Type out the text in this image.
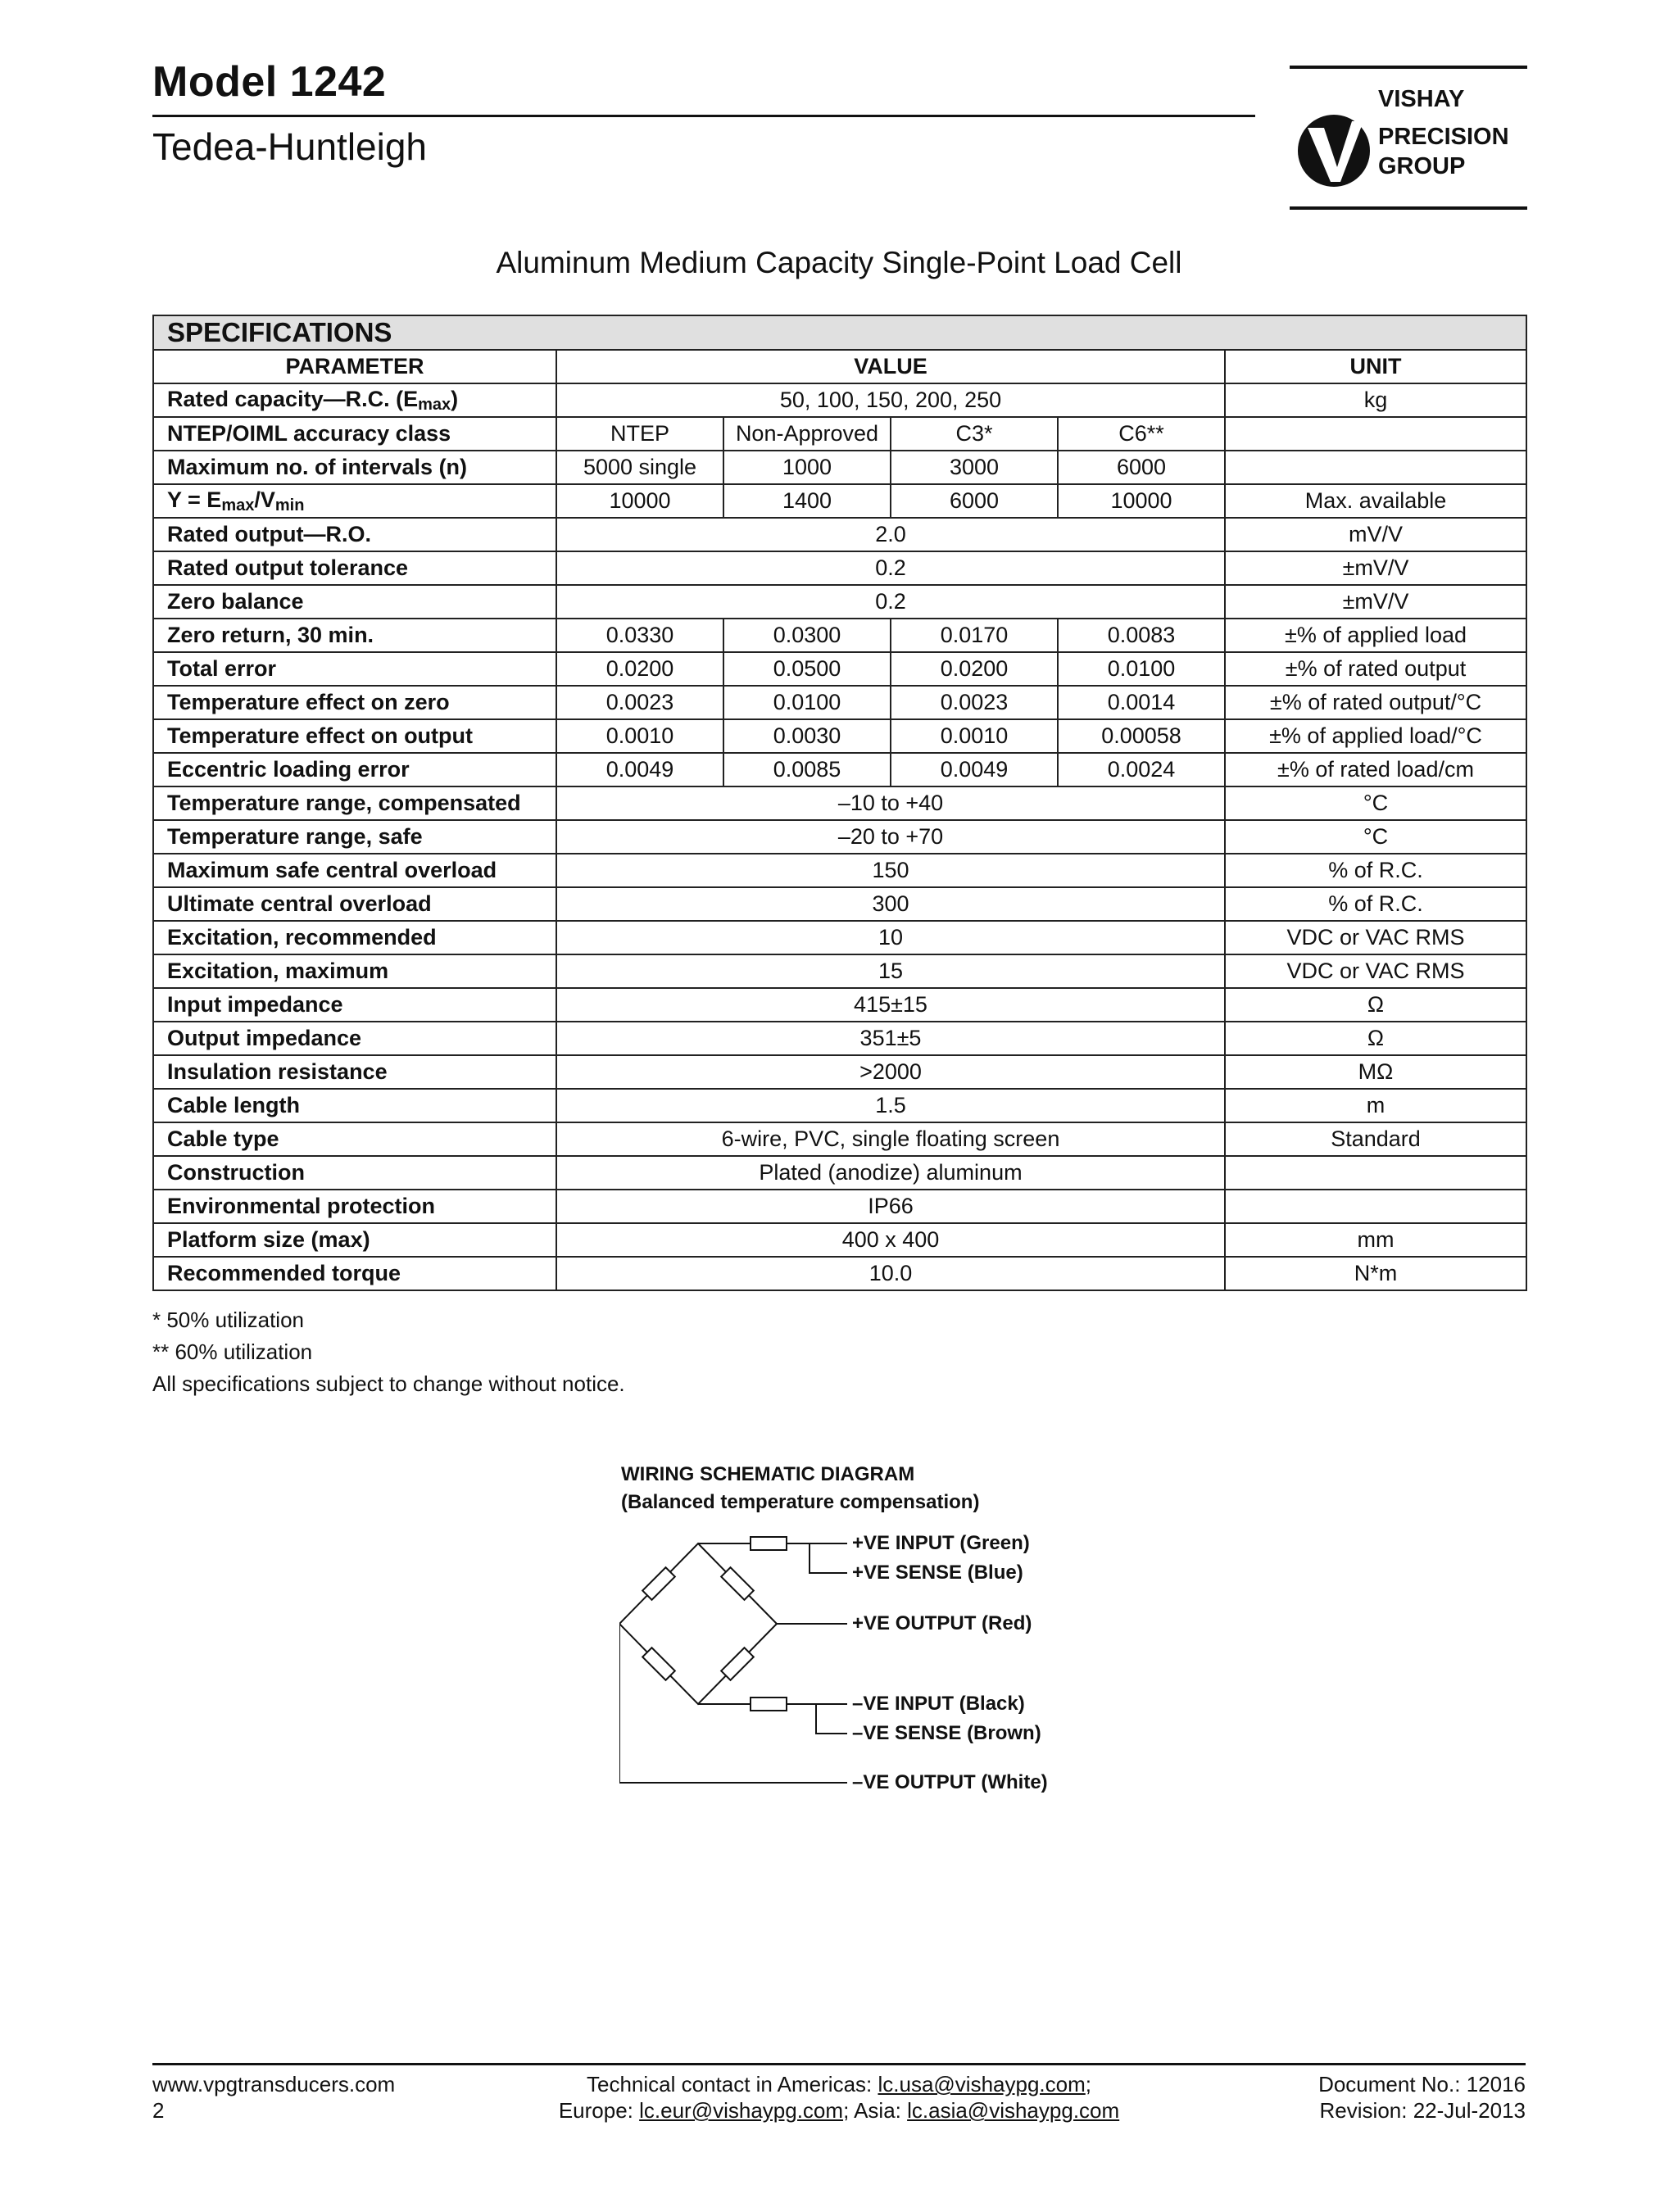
Model 1242
Tedea-Huntleigh
VISHAY
PRECISION
GROUP
Aluminum Medium Capacity Single-Point Load Cell
SPECIFICATIONS					
PARAMETER	VALUE				UNIT
Rated capacity—R.C. $(E_{max})$	50, 100, 150, 200, 250				kg
NTEP/OIML accuracy class	NTEP	Non-Approved	C3*	C6**	
Maximum no. of intervals (n)	5000 single	1000	3000	6000	
$Y = E_{max}/V_{min}$	10000	1400	6000	10000	Max. available
Rated output—R.O.	2.0				mV/V
Rated output tolerance	0.2				±mV/V
Zero balance	0.2				±mV/V
Zero return, 30 min.	0.0330	0.0300	0.0170	0.0083	±% of applied load
Total error	0.0200	0.0500	0.0200	0.0100	±% of rated output
Temperature effect on zero	0.0023	0.0100	0.0023	0.0014	±% of rated output/°C
Temperature effect on output	0.0010	0.0030	0.0010	0.00058	±% of applied load/°C
Eccentric loading error	0.0049	0.0085	0.0049	0.0024	±% of rated load/cm
Temperature range, compensated	–10 to +40				°C
Temperature range, safe	–20 to +70				°C
Maximum safe central overload	150				% of R.C.
Ultimate central overload	300				% of R.C.
Excitation, recommended	10				VDC or VAC RMS
Excitation, maximum	15				VDC or VAC RMS
Input impedance	415±15				Ω
Output impedance	351±5				Ω
Insulation resistance	>2000				MΩ
Cable length	1.5				m
Cable type	6-wire, PVC, single floating screen				Standard
Construction	Plated (anodize) aluminum				
Environmental protection	IP66				
Platform size (max)	400 x 400				mm
Recommended torque	10.0				N*m
* 50% utilization
** 60% utilization
All specifications subject to change without notice.
WIRING SCHEMATIC DIAGRAM
(Balanced temperature compensation)
+VE INPUT (Green)
+VE SENSE (Blue)
+VE OUTPUT (Red)
–VE INPUT (Black)
–VE SENSE (Brown)
–VE OUTPUT (White)
www.vpgtransducers.com
2
Technical contact in Americas: lc.usa@vishaypg.com;
Europe: lc.eur@vishaypg.com; Asia: lc.asia@vishaypg.com
Document No.: 12016
Revision: 22-Jul-2013
